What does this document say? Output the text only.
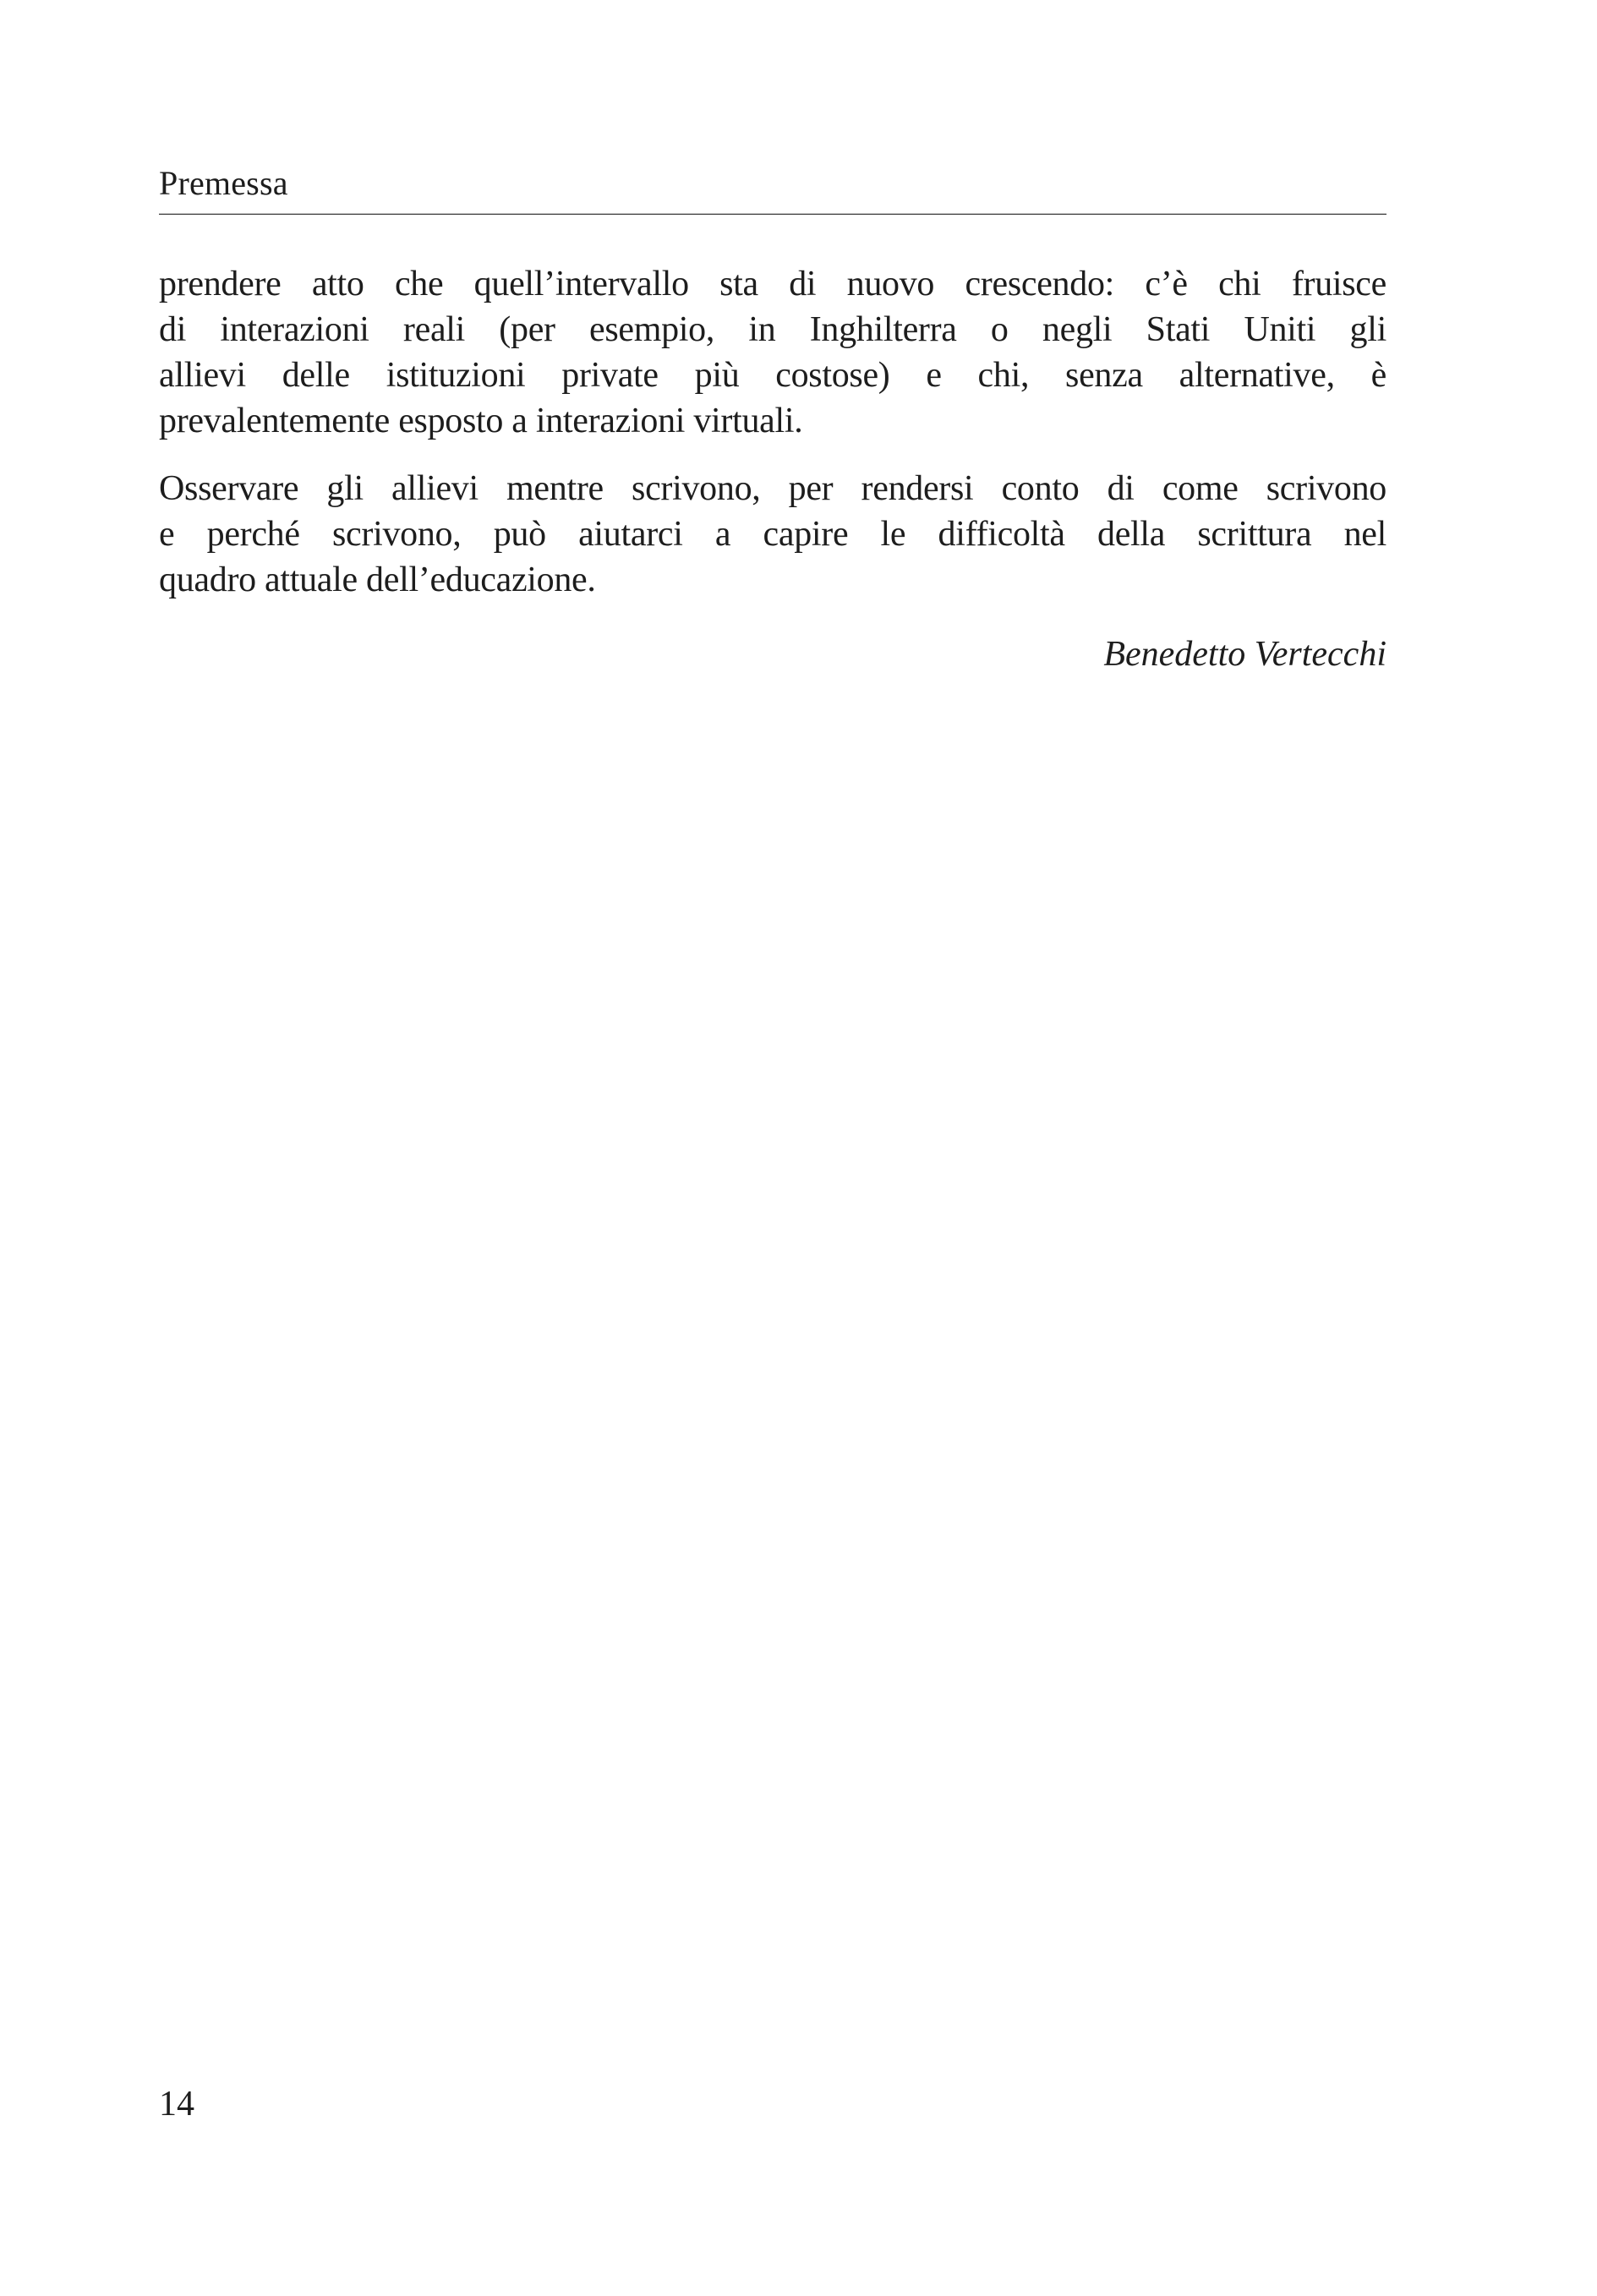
Premessa
prendere atto che quell’intervallo sta di nuovo crescendo: c’è chi fruisce
di interazioni reali (per esempio, in Inghilterra o negli Stati Uniti gli
allievi delle istituzioni private più costose) e chi, senza alternative, è
prevalentemente esposto a interazioni virtuali.
Osservare gli allievi mentre scrivono, per rendersi conto di come scrivono
e perché scrivono, può aiutarci a capire le difficoltà della scrittura nel
quadro attuale dell’educazione.
Benedetto Vertecchi
14
